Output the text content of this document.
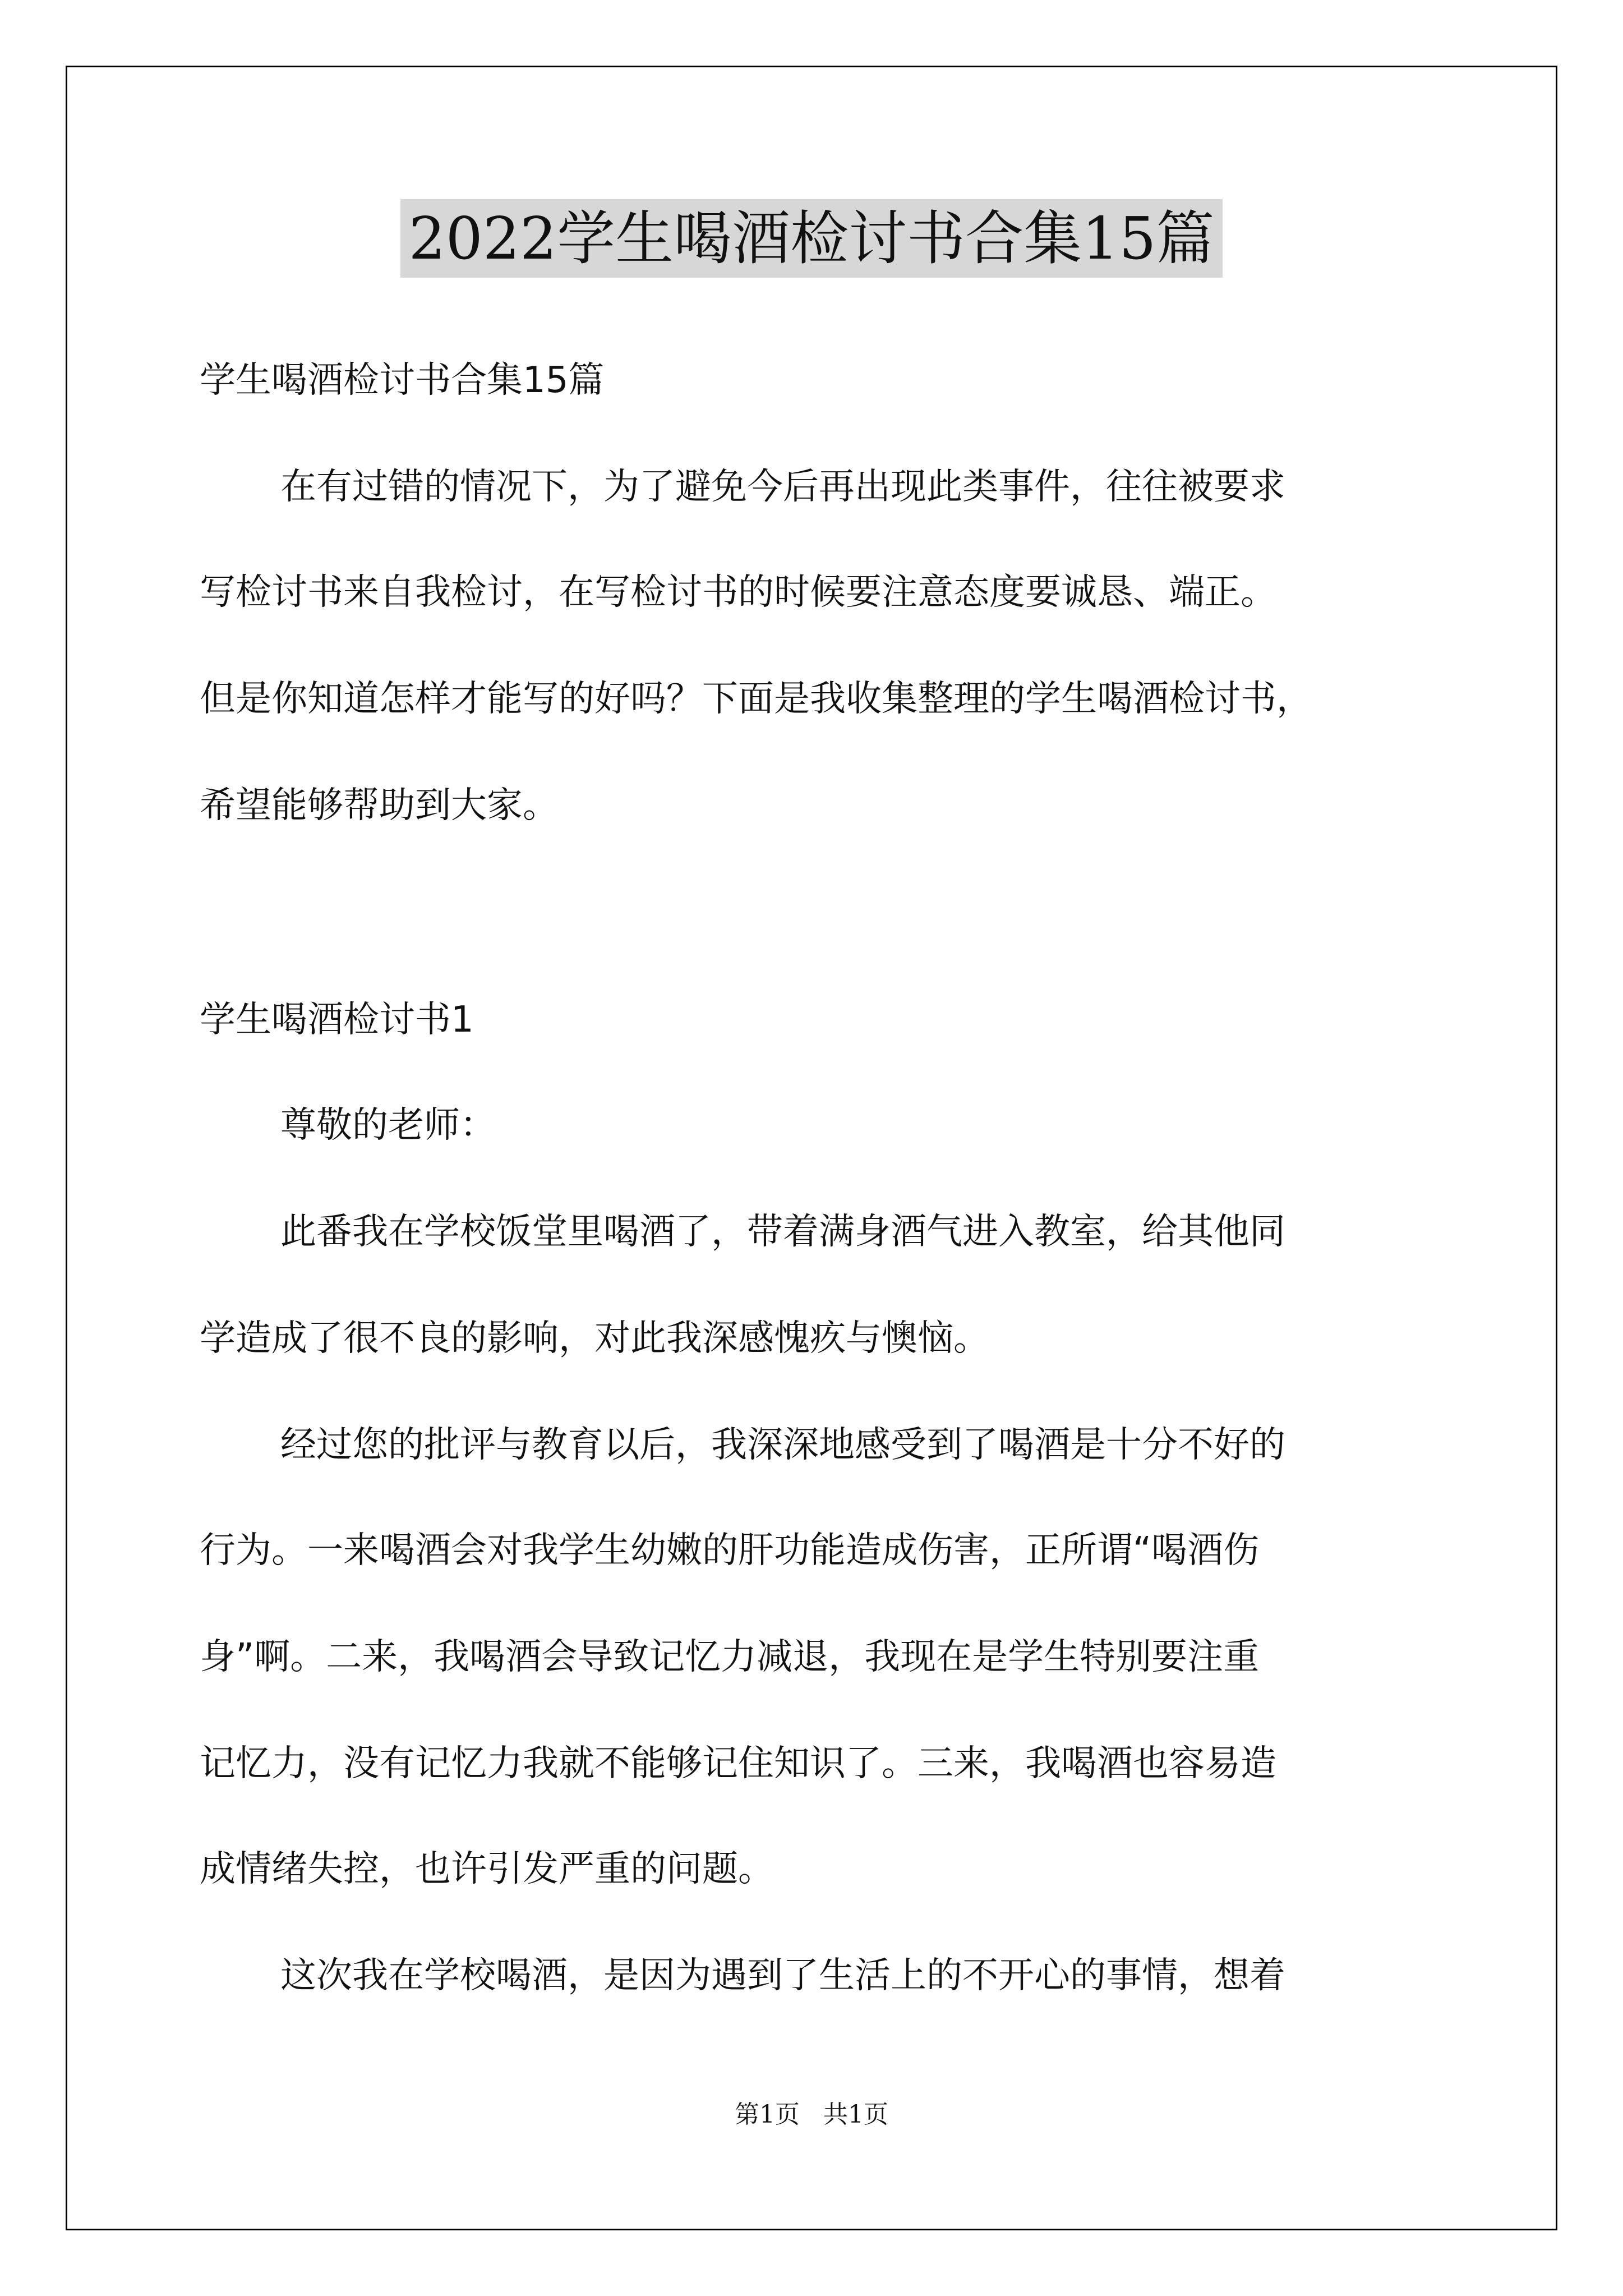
2022学生喝酒检讨书合集15篇
学生喝酒检讨书合集15篇
在有过错的情况下，为了避免今后再出现此类事件，往往被要求
写检讨书来自我检讨，在写检讨书的时候要注意态度要诚恳、端正。
但是你知道怎样才能写的好吗？下面是我收集整理的学生喝酒检讨书，
希望能够帮助到大家。
学生喝酒检讨书1
尊敬的老师：
此番我在学校饭堂里喝酒了，带着满身酒气进入教室，给其他同
学造成了很不良的影响，对此我深感愧疚与懊恼。
经过您的批评与教育以后，我深深地感受到了喝酒是十分不好的
行为。一来喝酒会对我学生幼嫩的肝功能造成伤害，正所谓“喝酒伤
身”啊。二来，我喝酒会导致记忆力减退，我现在是学生特别要注重
记忆力，没有记忆力我就不能够记住知识了。三来，我喝酒也容易造
成情绪失控，也许引发严重的问题。
这次我在学校喝酒，是因为遇到了生活上的不开心的事情，想着
第1页 共1页
